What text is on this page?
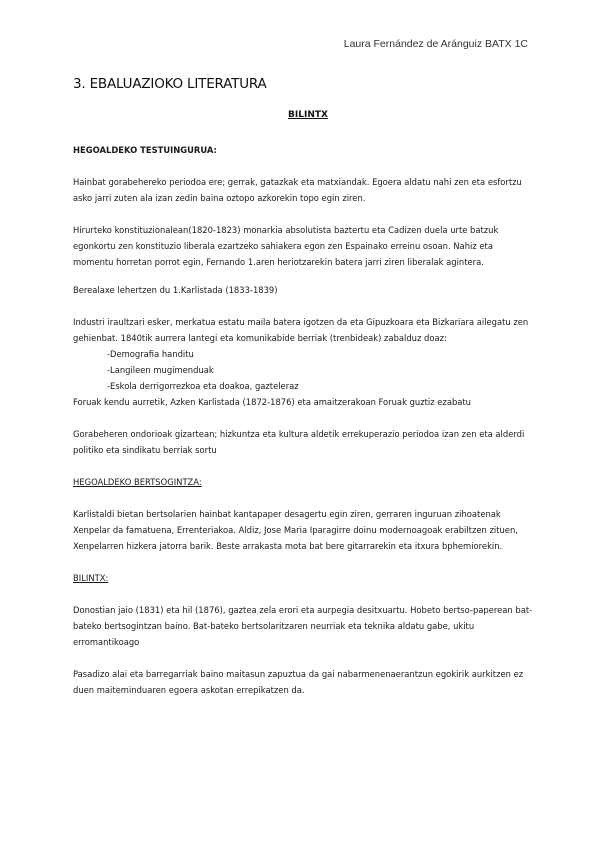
Laura Fernández de Aránguiz BATX 1C
3. EBALUAZIOKO LITERATURA
BILINTX

HEGOALDEKO TESTUINGURUA:

Hainbat gorabehereko periodoa ere; gerrak, gatazkak eta matxiandak. Egoera aldatu nahi zen eta esfortzu asko jarri zuten ala izan zedin baina oztopo azkorekin topo egin ziren.

Hirurteko konstituzionalean(1820-1823) monarkia absolutista baztertu eta Cadizen duela urte batzuk egonkortu zen konstituzio liberala ezartzeko sahiakera egon zen Espainako erreinu osoan. Nahiz eta momentu horretan porrot egin, Fernando 1.aren heriotzarekin batera jarri ziren liberalak agintera.

Berealaxe lehertzen du 1.Karlistada (1833-1839)

Industri iraultzari esker, merkatua estatu maila batera igotzen da eta Gipuzkoara eta Bizkariara ailegatu zen gehienbat. 1840tik aurrera lantegi eta komunikabide berriak (trenbideak) zabalduz doaz:

-Demografia handitu
-Langileen mugimenduak
-Eskola derrigorrezkoa eta doakoa, gazteleraz

Foruak kendu aurretik, Azken Karlistada (1872-1876) eta amaitzerakoan Foruak guztiz ezabatu

Gorabeheren ondorioak gizartean; hizkuntza eta kultura aldetik errekuperazio periodoa izan zen eta alderdi politiko eta sindikatu berriak sortu

HEGOALDEKO BERTSOGINTZA:

Karlistaldi bietan bertsolarien hainbat kantapaper desagertu egin ziren, gerraren inguruan zihoatenak Xenpelar da famatuena, Errenteriakoa. Aldiz, Jose Maria Iparagirre doinu modernoagoak erabiltzen zituen, Xenpelarren hizkera jatorra barik. Beste arrakasta mota bat bere gitarrarekin eta itxura bphemiorekin.

BILINTX:

Donostian jaio (1831) eta hil (1876), gaztea zela erori eta aurpegia desitxuartu. Hobeto bertso-paperean bat-bateko bertsogintzan baino. Bat-bateko bertsolaritzaren neurriak eta teknika aldatu gabe, ukitu erromantikoago

Pasadizo alai eta barregarriak baino maitasun zapuztua da gai nabarmenenaerantzun egokirik aurkitzen ez duen maiteminduaren egoera askotan errepikatzen da.
